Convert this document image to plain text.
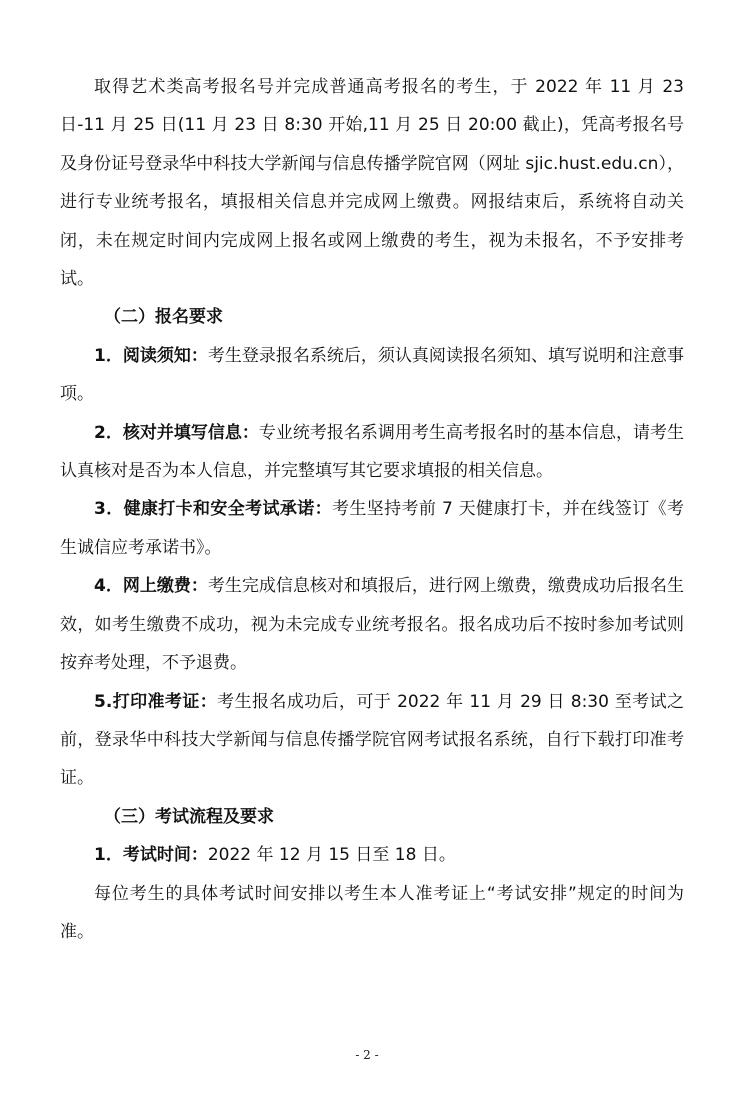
取得艺术类高考报名号并完成普通高考报名的考生，于 2022 年 11 月 23 日-11 月 25 日(11 月 23 日 8:30 开始,11 月 25 日 20:00 截止)，凭高考报名号及身份证号登录华中科技大学新闻与信息传播学院官网（网址 sjic.hust.edu.cn），进行专业统考报名，填报相关信息并完成网上缴费。网报结束后，系统将自动关闭，未在规定时间内完成网上报名或网上缴费的考生，视为未报名，不予安排考试。

（二）报名要求

1．阅读须知：考生登录报名系统后，须认真阅读报名须知、填写说明和注意事项。

2．核对并填写信息：专业统考报名系调用考生高考报名时的基本信息，请考生认真核对是否为本人信息，并完整填写其它要求填报的相关信息。

3．健康打卡和安全考试承诺：考生坚持考前 7 天健康打卡，并在线签订《考生诚信应考承诺书》。

4．网上缴费：考生完成信息核对和填报后，进行网上缴费，缴费成功后报名生效，如考生缴费不成功，视为未完成专业统考报名。报名成功后不按时参加考试则按弃考处理，不予退费。

5.打印准考证：考生报名成功后，可于 2022 年 11 月 29 日 8:30 至考试之前，登录华中科技大学新闻与信息传播学院官网考试报名系统，自行下载打印准考证。

（三）考试流程及要求

1．考试时间：2022 年 12 月 15 日至 18 日。

每位考生的具体考试时间安排以考生本人准考证上“考试安排”规定的时间为准。

- 2 -
